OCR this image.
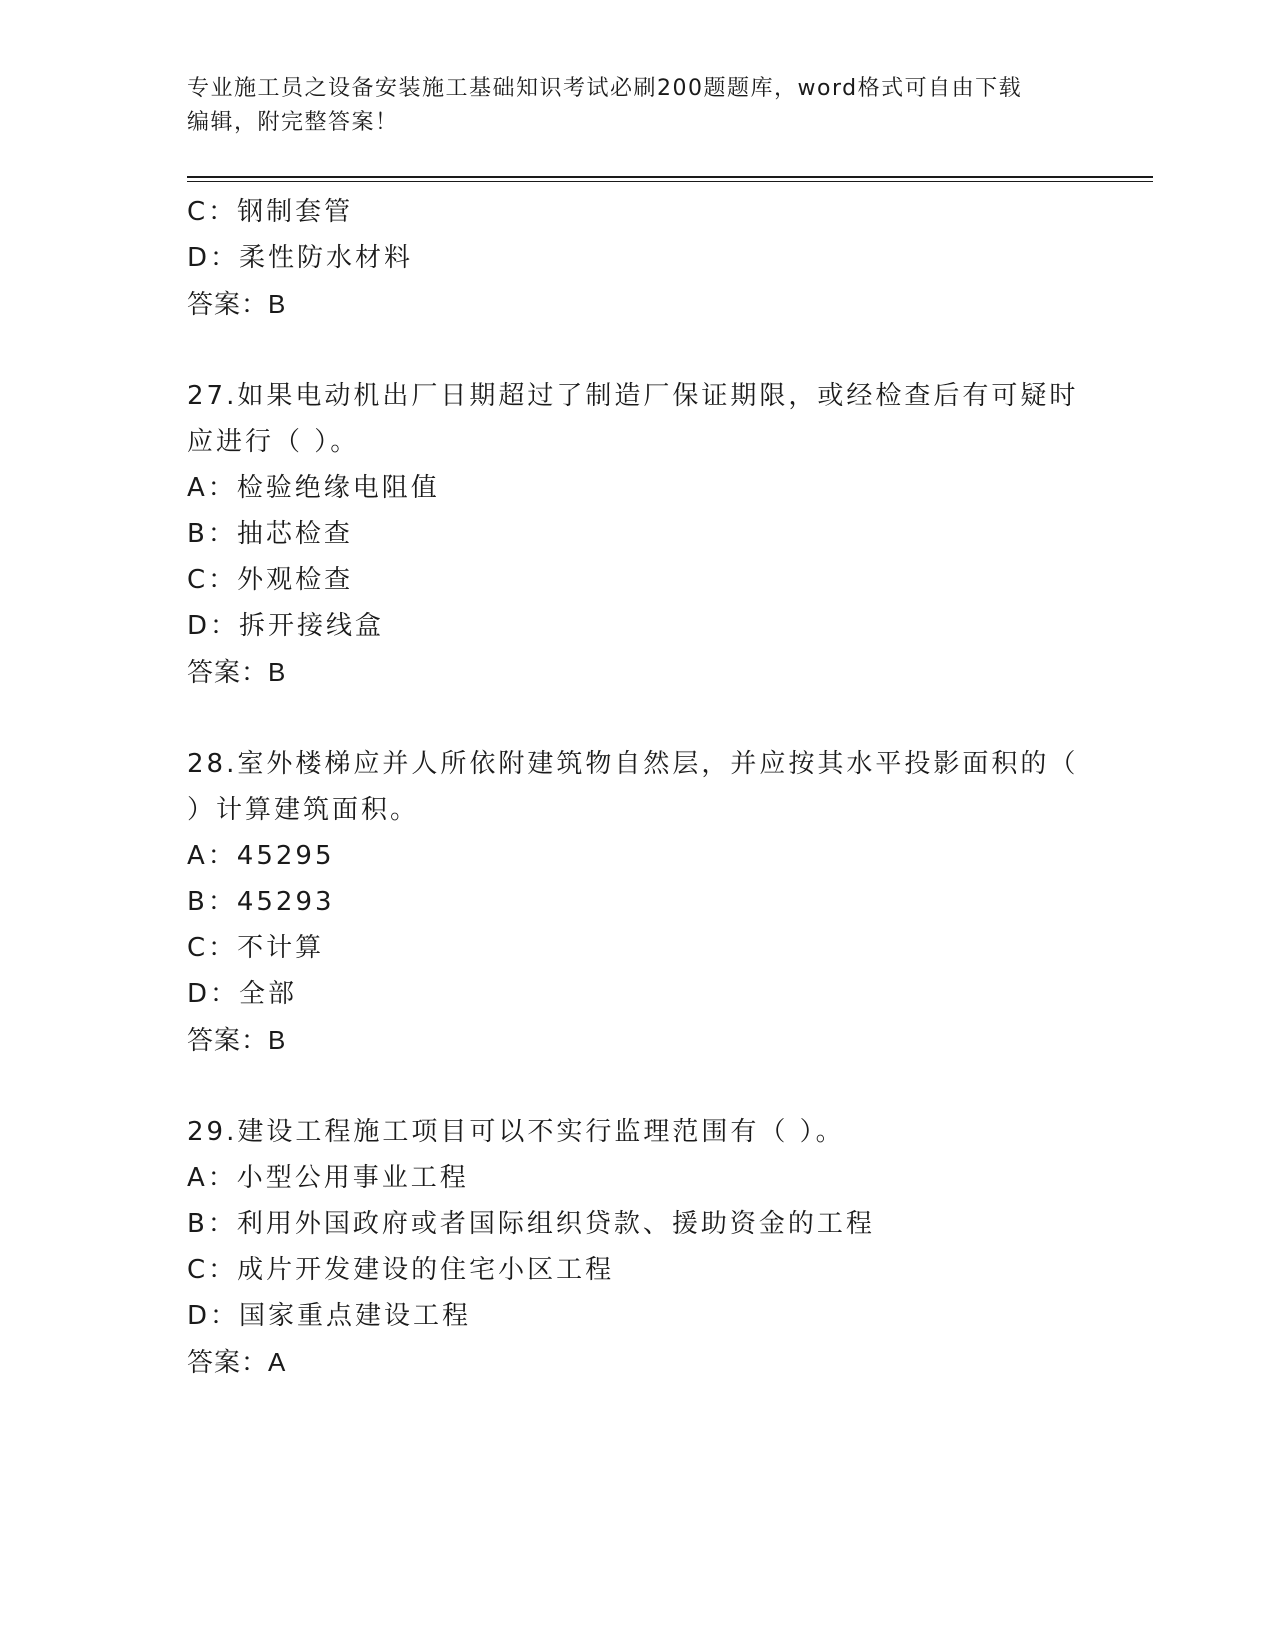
专业施工员之设备安装施工基础知识考试必刷200题题库，word格式可自由下载
编辑，附完整答案！
C：钢制套管
D：柔性防水材料
答案：B
27.如果电动机出厂日期超过了制造厂保证期限，或经检查后有可疑时
应进行（ ）。
A：检验绝缘电阻值
B：抽芯检查
C：外观检查
D：拆开接线盒
答案：B
28.室外楼梯应并人所依附建筑物自然层，并应按其水平投影面积的（
）计算建筑面积。
A：45295
B：45293
C：不计算
D：全部
答案：B
29.建设工程施工项目可以不实行监理范围有（ ）。
A：小型公用事业工程
B：利用外国政府或者国际组织贷款、援助资金的工程
C：成片开发建设的住宅小区工程
D：国家重点建设工程
答案：A
